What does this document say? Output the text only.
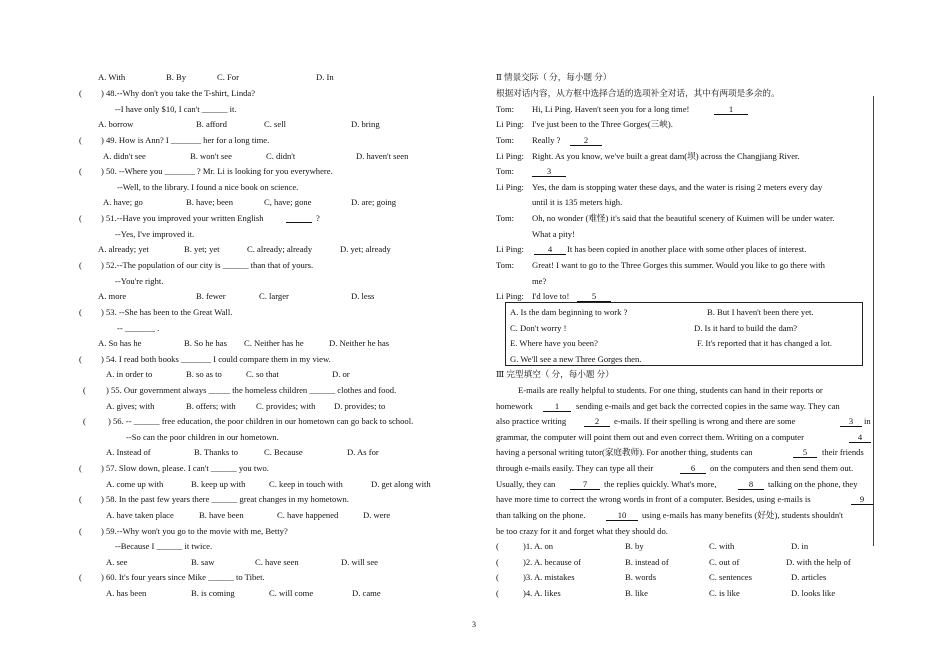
A. With	B. By	C. For	D. In
( ) 48.--Why don't you take the T-shirt, Linda?
--I have only $10, I can't ______ it.
A. borrow	B. afford	C. sell	D. bring
( ) 49. How is Ann? I _______ her for a long time.
A. didn't see	B. won't see	C. didn't	D. haven't seen
( ) 50. --Where you _______ ? Mr. Li is looking for you everywhere.
--Well, to the library. I found a nice book on science.
A. have; go	B. have; been	C, have; gone	D. are; going
( ) 51.--Have you improved your written English	?
--Yes, I've improved it.
A. already; yet	B. yet; yet	C. already; already	D. yet; already
( ) 52.--The population of our city is ______ than that of yours.
--You're right.
A. more	B. fewer	C. larger	D. less
( ) 53. --She has been to the Great Wall.
-- _______ .
A. So has he	B. So he has C. Neither has he	D. Neither he has
( ) 54. I read both books _______ I could compare them in my view.
A. in order to	B. so as to	C. so that	D. or
( ) 55. Our government always _____ the homeless children ______ clothes and food.
A. gives; with	B. offers; with C. provides; with D. provides; to
(	) 56. -- ______ free education, the poor children in our hometown can go back to school.
--So can the poor children in our hometown.
A. Instead of	B. Thanks to	C. Because	D. As for
( ) 57. Slow down, please. I can't ______ you two.
A. come up with	B. keep up with	C. keep in touch with	D. get along with
( ) 58. In the past few years there ______ great changes in my hometown.
A. have taken place	B. have been	C. have happened	D. were
( ) 59.--Why won't you go to the movie with me, Betty?
--Because I ______ it twice.
A. see	B. saw	C. have seen	D. will see
( ) 60. It's four years since Mike ______ to Tibet.
A. has been	B. is coming	C. will come	D. came
Ⅱ 情景交际（ 分，每小题 分）
根据对话内容，从方框中选择合适的选项补全对话，其中有两项是多余的。
Tom: Hi, Li Ping. Haven't seen you for a long time!	1
Li Ping: I've just been to the Three Gorges(三峡).
Tom: Really ?	2
Li Ping: Right. As you know, we've built a great dam(坝) across the Changjiang River.
Tom:	3
Li Ping: Yes, the dam is stopping water these days, and the water is rising 2 meters every day
until it is 135 meters high.
Tom: Oh, no wonder (难怪) it's said that the beautiful scenery of Kuimen will be under water.
What a pity!
Li Ping:	4	It has been copied in another place with some other places of interest.
Tom: Great! I want to go to the Three Gorges this summer. Would you like to go there with
me?
Li Ping: I'd love to!	5
A. Is the dam beginning to work ?	B. But I haven't been there yet.
C. Don't worry !	D. Is it hard to build the dam?
E. Where have you been?	F. It's reported that it has changed a lot.
G. We'll see a new Three Gorges then.
Ⅲ 完型填空（ 分，每小题 分）
E-mails are really helpful to students. For one thing, students can hand in their reports or
homework	1	sending e-mails and get back the corrected copies in the same way. They can
also practice writing	2	e-mails. If their spelling is wrong and there are some	3	in
grammar, the computer will point them out and even correct them. Writing on a computer	4
having a personal writing tutor(家庭教师). For another thing, students can	5	their friends
through e-mails easily. They can type all their	6	on the computers and then send them out.
Usually, they can	7	the replies quickly. What's more,	8	talking on the phone, they
have more time to correct the wrong words in front of a computer. Besides, using e-mails is	9
than talking on the phone.	10	using e-mails has many benefits (好处), students shouldn't
be too crazy for it and forget what they should do.
(	)1. A. on	B. by	C. with	D. in
(	)2. A. because of	B. instead of	C. out of	D. with the help of
(	)3. A. mistakes	B. words	C. sentences	D. articles
(	)4. A. likes	B. like	C. is like	D. looks like
3
